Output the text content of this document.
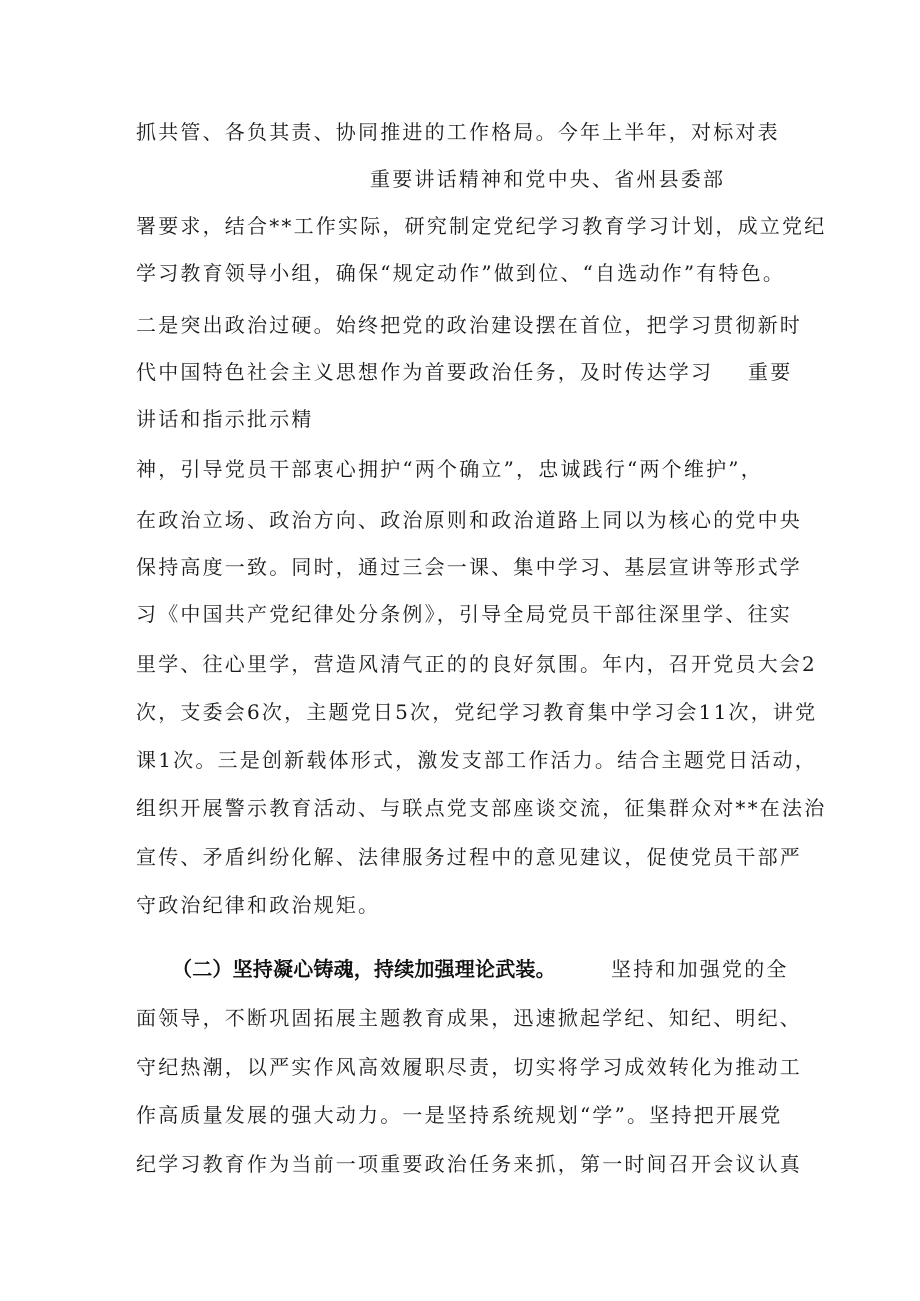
抓共管、各负其责、协同推进的工作格局。今年上半年，对标对表
重要讲话精神和党中央、省州县委部
署要求，结合**工作实际，研究制定党纪学习教育学习计划，成立党纪
学习教育领导小组，确保“规定动作”做到位、“自选动作”有特色。
二是突出政治过硬。始终把党的政治建设摆在首位，把学习贯彻新时
代中国特色社会主义思想作为首要政治任务，及时传达学习 重要
讲话和指示批示精
神，引导党员干部衷心拥护“两个确立”，忠诚践行“两个维护”，
在政治立场、政治方向、政治原则和政治道路上同以为核心的党中央
保持高度一致。同时，通过三会一课、集中学习、基层宣讲等形式学
习《中国共产党纪律处分条例》，引导全局党员干部往深里学、往实
里学、往心里学，营造风清气正的的良好氛围。年内，召开党员大会2
次，支委会6次，主题党日5次，党纪学习教育集中学习会11次，讲党
课1次。三是创新载体形式，激发支部工作活力。结合主题党日活动，
组织开展警示教育活动、与联点党支部座谈交流，征集群众对**在法治
宣传、矛盾纠纷化解、法律服务过程中的意见建议，促使党员干部严
守政治纪律和政治规矩。
（二）坚持凝心铸魂，持续加强理论武装。	坚持和加强党的全
面领导，不断巩固拓展主题教育成果，迅速掀起学纪、知纪、明纪、
守纪热潮，以严实作风高效履职尽责，切实将学习成效转化为推动工
作高质量发展的强大动力。一是坚持系统规划“学”。坚持把开展党
纪学习教育作为当前一项重要政治任务来抓，第一时间召开会议认真
